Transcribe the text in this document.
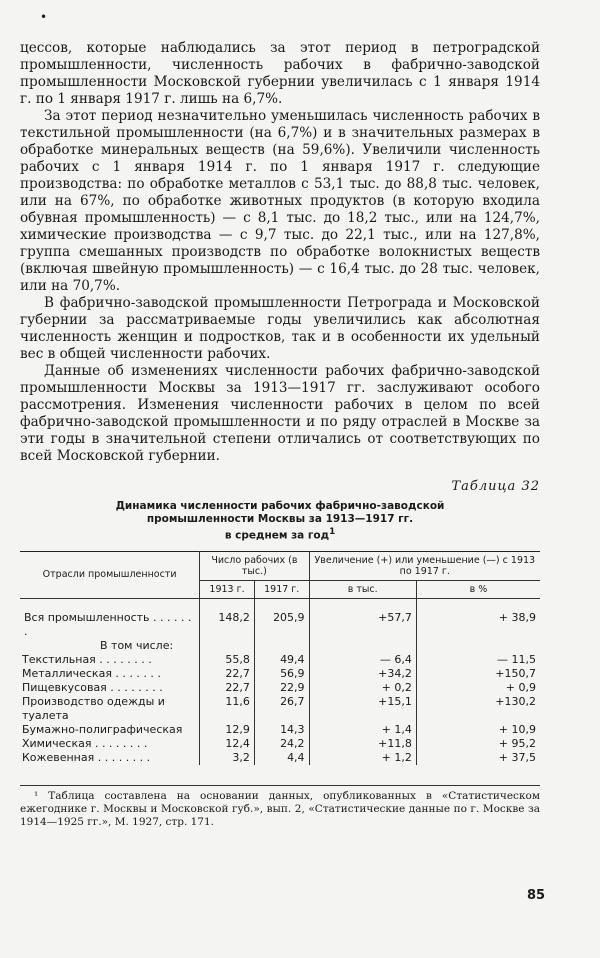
•

цессов, которые наблюдались за этот период в петроградской промышленности, численность рабочих в фабрично-заводской промышленности Московской губернии увеличилась с 1 января 1914 г. по 1 января 1917 г. лишь на 6,7%.

За этот период незначительно уменьшилась численность рабочих в текстильной промышленности (на 6,7%) и в значительных размерах в обработке минеральных веществ (на 59,6%). Увеличили численность рабочих с 1 января 1914 г. по 1 января 1917 г. следующие производства: по обработке металлов с 53,1 тыс. до 88,8 тыс. человек, или на 67%, по обработке животных продуктов (в которую входила обувная промышленность) — с 8,1 тыс. до 18,2 тыс., или на 124,7%, химические производства — с 9,7 тыс. до 22,1 тыс., или на 127,8%, группа смешанных производств по обработке волокнистых веществ (включая швейную промышленность) — с 16,4 тыс. до 28 тыс. человек, или на 70,7%.

В фабрично-заводской промышленности Петрограда и Московской губернии за рассматриваемые годы увеличились как абсолютная численность женщин и подростков, так и в особенности их удельный вес в общей численности рабочих.

Данные об изменениях численности рабочих фабрично-заводской промышленности Москвы за 1913—1917 гг. заслуживают особого рассмотрения. Изменения численности рабочих в целом по всей фабрично-заводской промышленности и по ряду отраслей в Москве за эти годы в значительной степени отличались от соответствующих по всей Московской губернии.

Таблица 32
Динамика численности рабочих фабрично-заводской
промышленности Москвы за 1913—1917 гг.
в среднем за год$^1$
Отрасли промышленности	Число рабочих (в тыс.)		Увеличение (+) или уменьшение (—) с 1913 по 1917 г.	
	1913 г.	1917 г.	в тыс.	в %

Вся промышленность . . . . . . .	148,2	205,9	+57,7	+ 38,9
В том числе:				
Текстильная . . . . . . . .	55,8	49,4	— 6,4	— 11,5
Металлическая . . . . . . .	22,7	56,9	+34,2	+150,7
Пищевкусовая . . . . . . . .	22,7	22,9	+ 0,2	+ 0,9
Производство одежды и туалета	11,6	26,7	+15,1	+130,2
Бумажно-полиграфическая	12,9	14,3	+ 1,4	+ 10,9
Химическая . . . . . . . .	12,4	24,2	+11,8	+ 95,2
Кожевенная . . . . . . . .	3,2	4,4	+ 1,2	+ 37,5
¹ Таблица составлена на основании данных, опубликованных в «Статистическом ежегоднике г. Москвы и Московской губ.», вып. 2, «Статистические данные по г. Москве за 1914—1925 гг.», М. 1927, стр. 171.
85
